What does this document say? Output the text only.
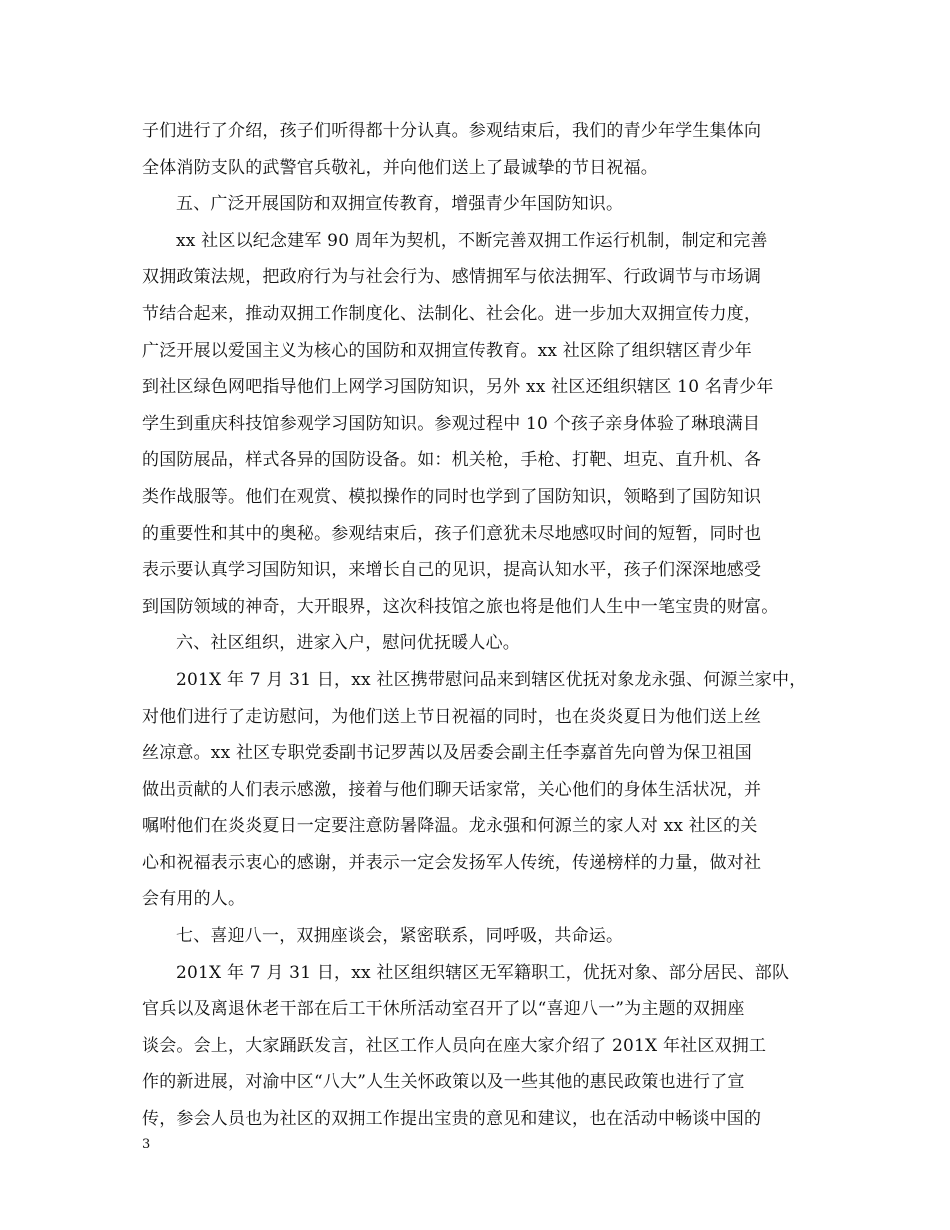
子们进行了介绍，孩子们听得都十分认真。参观结束后，我们的青少年学生集体向
全体消防支队的武警官兵敬礼，并向他们送上了最诚挚的节日祝福。
五、广泛开展国防和双拥宣传教育，增强青少年国防知识。
xx 社区以纪念建军 90 周年为契机，不断完善双拥工作运行机制，制定和完善
双拥政策法规，把政府行为与社会行为、感情拥军与依法拥军、行政调节与市场调
节结合起来，推动双拥工作制度化、法制化、社会化。进一步加大双拥宣传力度，
广泛开展以爱国主义为核心的国防和双拥宣传教育。xx 社区除了组织辖区青少年
到社区绿色网吧指导他们上网学习国防知识，另外 xx 社区还组织辖区 10 名青少年
学生到重庆科技馆参观学习国防知识。参观过程中 10 个孩子亲身体验了琳琅满目
的国防展品，样式各异的国防设备。如：机关枪，手枪、打靶、坦克、直升机、各
类作战服等。他们在观赏、模拟操作的同时也学到了国防知识，领略到了国防知识
的重要性和其中的奥秘。参观结束后，孩子们意犹未尽地感叹时间的短暂，同时也
表示要认真学习国防知识，来增长自己的见识，提高认知水平，孩子们深深地感受
到国防领域的神奇，大开眼界，这次科技馆之旅也将是他们人生中一笔宝贵的财富。
六、社区组织，进家入户，慰问优抚暖人心。
201X 年 7 月 31 日，xx 社区携带慰问品来到辖区优抚对象龙永强、何源兰家中，
对他们进行了走访慰问，为他们送上节日祝福的同时，也在炎炎夏日为他们送上丝
丝凉意。xx 社区专职党委副书记罗茜以及居委会副主任李嘉首先向曾为保卫祖国
做出贡献的人们表示感激，接着与他们聊天话家常，关心他们的身体生活状况，并
嘱咐他们在炎炎夏日一定要注意防暑降温。龙永强和何源兰的家人对 xx 社区的关
心和祝福表示衷心的感谢，并表示一定会发扬军人传统，传递榜样的力量，做对社
会有用的人。
七、喜迎八一，双拥座谈会，紧密联系，同呼吸，共命运。
201X 年 7 月 31 日，xx 社区组织辖区无军籍职工，优抚对象、部分居民、部队
官兵以及离退休老干部在后工干休所活动室召开了以“喜迎八一”为主题的双拥座
谈会。会上，大家踊跃发言，社区工作人员向在座大家介绍了 201X 年社区双拥工
作的新进展，对渝中区“八大”人生关怀政策以及一些其他的惠民政策也进行了宣
传，参会人员也为社区的双拥工作提出宝贵的意见和建议，也在活动中畅谈中国的
3
